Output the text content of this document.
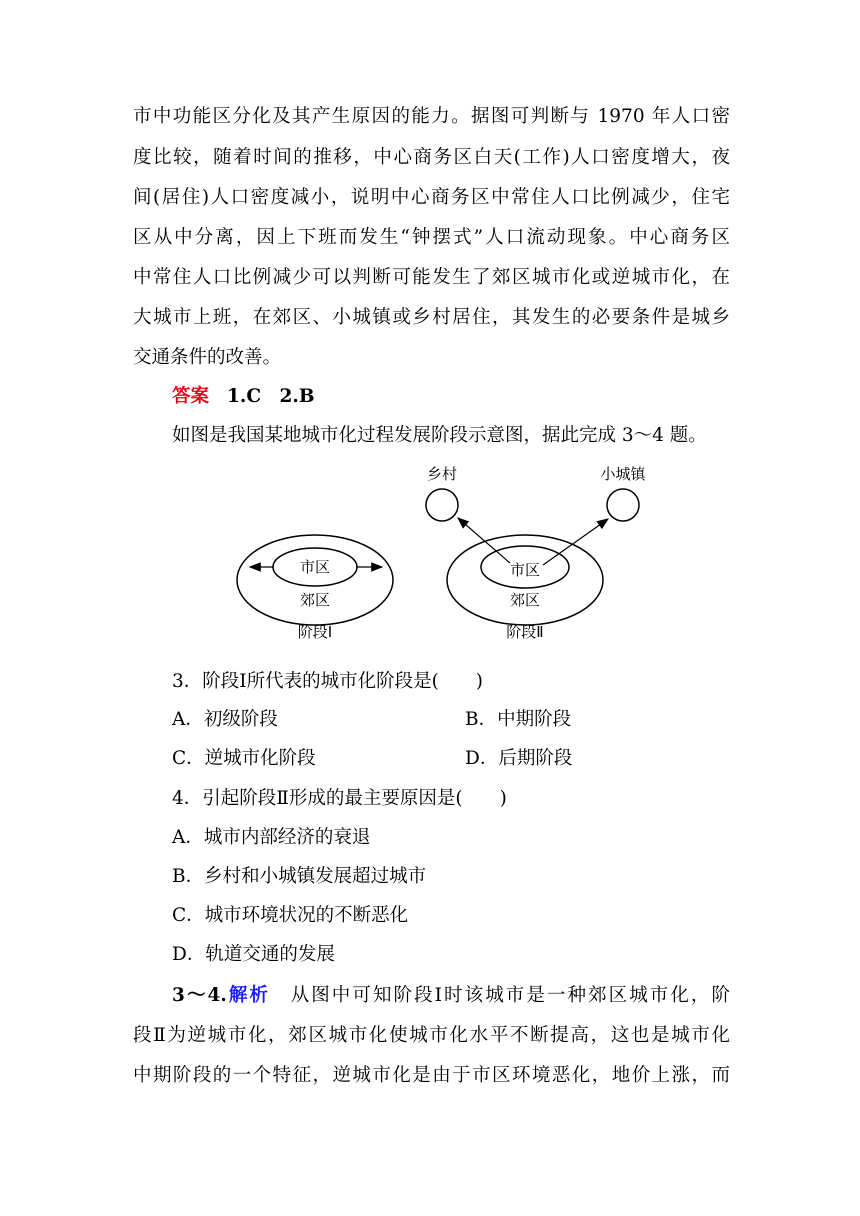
市中功能区分化及其产生原因的能力。据图可判断与 1970 年人口密
度比较，随着时间的推移，中心商务区白天(工作)人口密度增大，夜
间(居住)人口密度减小，说明中心商务区中常住人口比例减少，住宅
区从中分离，因上下班而发生“钟摆式”人口流动现象。中心商务区
中常住人口比例减少可以判断可能发生了郊区城市化或逆城市化，在
大城市上班，在郊区、小城镇或乡村居住，其发生的必要条件是城乡
交通条件的改善。
答案 1.C　2.B
如图是我国某地城市化过程发展阶段示意图，据此完成 3～4 题。
市区
郊区
阶段Ⅰ
乡村	小城镇
市区
郊区
阶段Ⅱ
3．阶段Ⅰ所代表的城市化阶段是(　　)
A．初级阶段	B．中期阶段
C．逆城市化阶段	D．后期阶段
4．引起阶段Ⅱ形成的最主要原因是(　　)
A．城市内部经济的衰退
B．乡村和小城镇发展超过城市
C．城市环境状况的不断恶化
D．轨道交通的发展
3～4.解析　从图中可知阶段Ⅰ时该城市是一种郊区城市化，阶
段Ⅱ为逆城市化，郊区城市化使城市化水平不断提高，这也是城市化
中期阶段的一个特征，逆城市化是由于市区环境恶化，地价上涨，而
